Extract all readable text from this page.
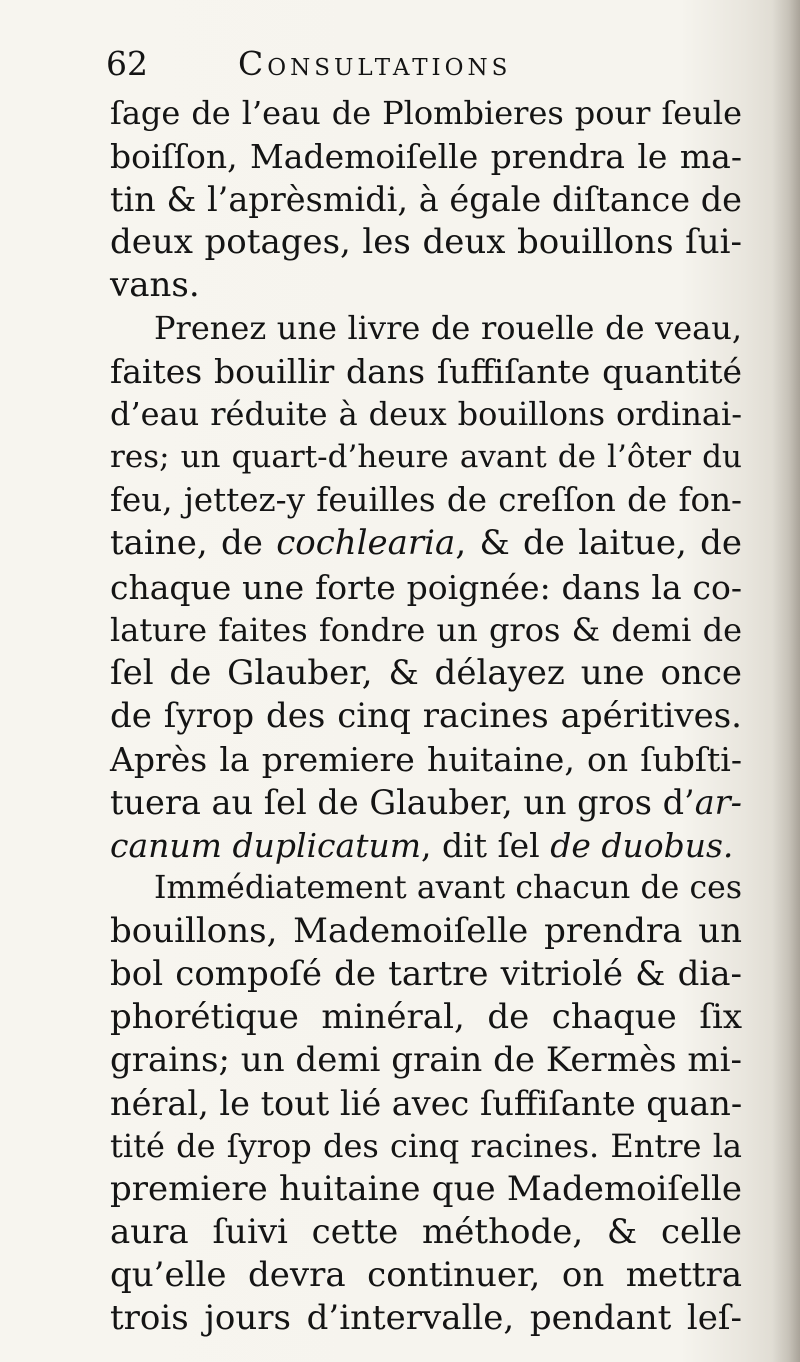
62	Consultations
ſage de l’eau de Plombieres pour ſeule
boiſſon, Mademoiſelle prendra le ma-
tin & l’aprèsmidi, à égale diſtance de
deux potages, les deux bouillons ſui-
vans.
Prenez une livre de rouelle de veau,
faites bouillir dans ſuffiſante quantité
d’eau réduite à deux bouillons ordinai-
res; un quart-d’heure avant de l’ôter du
feu, jettez-y feuilles de creſſon de fon-
taine, de cochlearia, & de laitue, de
chaque une forte poignée: dans la co-
lature faites fondre un gros & demi de
ſel de Glauber, & délayez une once
de ſyrop des cinq racines apéritives.
Après la premiere huitaine, on ſubſti-
tuera au ſel de Glauber, un gros d’ar-
canum duplicatum, dit ſel de duobus.
Immédiatement avant chacun de ces
bouillons, Mademoiſelle prendra un
bol compoſé de tartre vitriolé & dia-
phorétique minéral, de chaque ſix
grains; un demi grain de Kermès mi-
néral, le tout lié avec ſuffiſante quan-
tité de ſyrop des cinq racines. Entre la
premiere huitaine que Mademoiſelle
aura ſuivi cette méthode, & celle
qu’elle devra continuer, on mettra
trois jours d’intervalle, pendant leſ-
